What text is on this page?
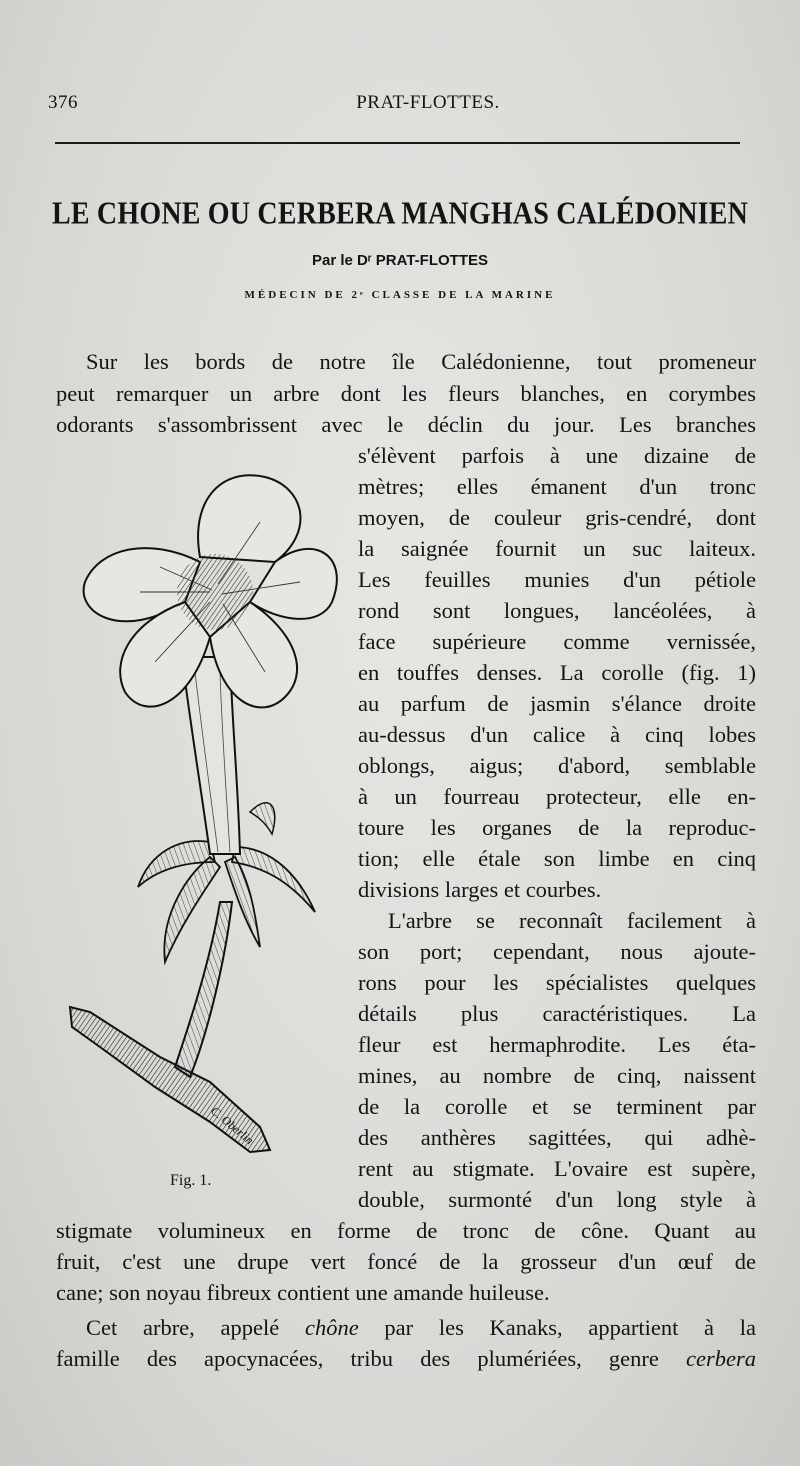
376	PRAT-FLOTTES.
LE CHONE OU CERBERA MANGHAS CALÉDONIEN
Par le Dʳ PRAT-FLOTTES
MÉDECIN DE 2ᵉ CLASSE DE LA MARINE
Sur les bords de notre île Calédonienne, tout promeneur
peut remarquer un arbre dont les fleurs blanches, en corymbes
odorants s'assombrissent avec le déclin du jour. Les branches
s'élèvent parfois à une dizaine de
mètres; elles émanent d'un tronc
moyen, de couleur gris-cendré, dont
la saignée fournit un suc laiteux.
Les feuilles munies d'un pétiole
rond sont longues, lancéolées, à
face supérieure comme vernissée,
en touffes denses. La corolle (fig. 1)
au parfum de jasmin s'élance droite
au-dessus d'un calice à cinq lobes
oblongs, aigus; d'abord, semblable
à un fourreau protecteur, elle en-
toure les organes de la reproduc-
tion; elle étale son limbe en cinq
divisions larges et courbes.
L'arbre se reconnaît facilement à
son port; cependant, nous ajoute-
rons pour les spécialistes quelques
détails plus caractéristiques. La
fleur est hermaphrodite. Les éta-
mines, au nombre de cinq, naissent
de la corolle et se terminent par
des anthères sagittées, qui adhè-
rent au stigmate. L'ovaire est supère,
double, surmonté d'un long style à
stigmate volumineux en forme de tronc de cône. Quant au
fruit, c'est une drupe vert foncé de la grosseur d'un œuf de
cane; son noyau fibreux contient une amande huileuse.
Cet arbre, appelé chône par les Kanaks, appartient à la
famille des apocynacées, tribu des plumériées, genre cerbera
C. Oberlin
Fig. 1.
